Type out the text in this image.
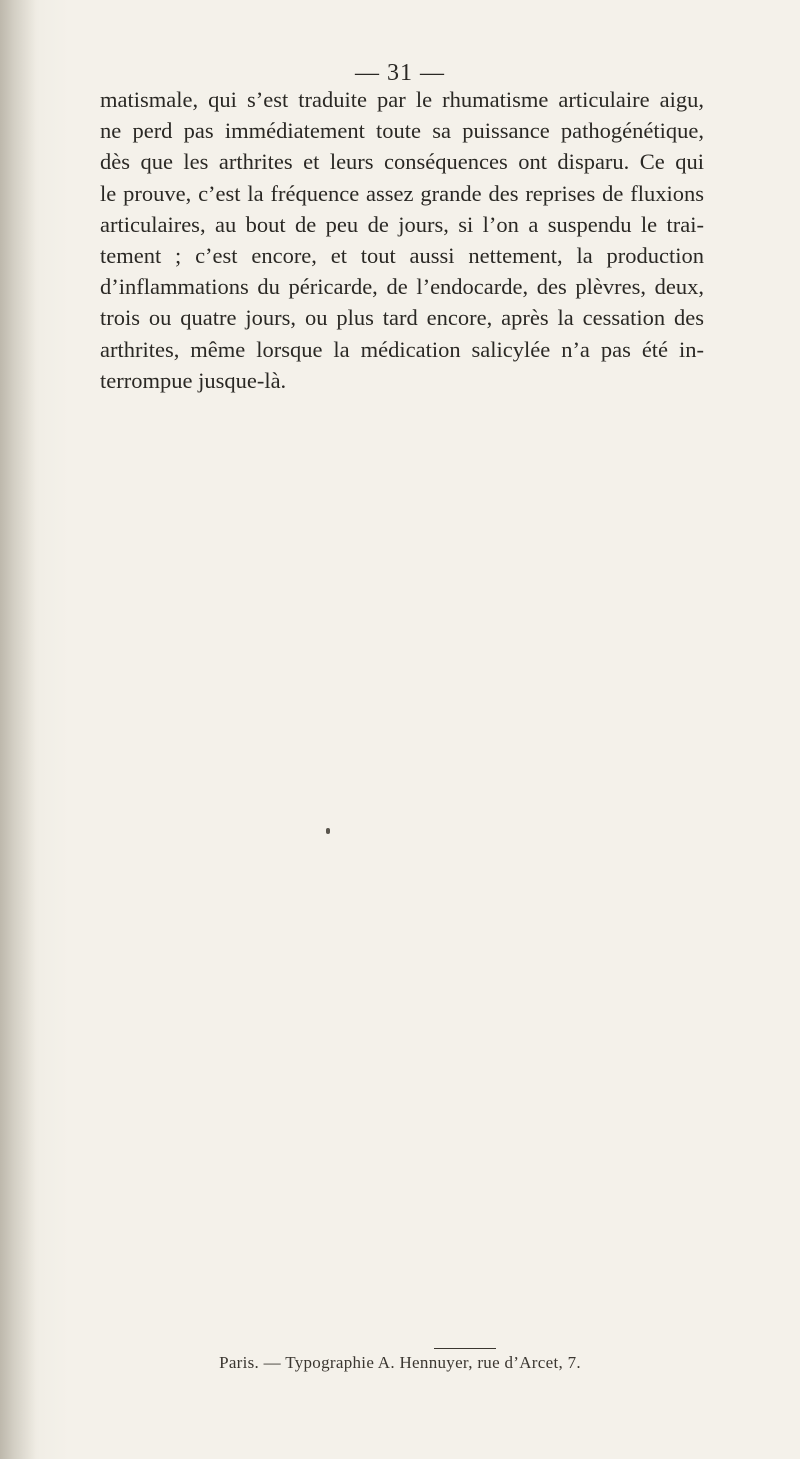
— 31 —
matismale, qui s’est traduite par le rhumatisme articulaire aigu,
ne perd pas immédiatement toute sa puissance pathogénétique,
dès que les arthrites et leurs conséquences ont disparu. Ce qui
le prouve, c’est la fréquence assez grande des reprises de fluxions
articulaires, au bout de peu de jours, si l’on a suspendu le trai-
tement ; c’est encore, et tout aussi nettement, la production
d’inflammations du péricarde, de l’endocarde, des plèvres, deux,
trois ou quatre jours, ou plus tard encore, après la cessation des
arthrites, même lorsque la médication salicylée n’a pas été in-
terrompue jusque-là.
Paris. — Typographie A. Hennuyer, rue d’Arcet, 7.
